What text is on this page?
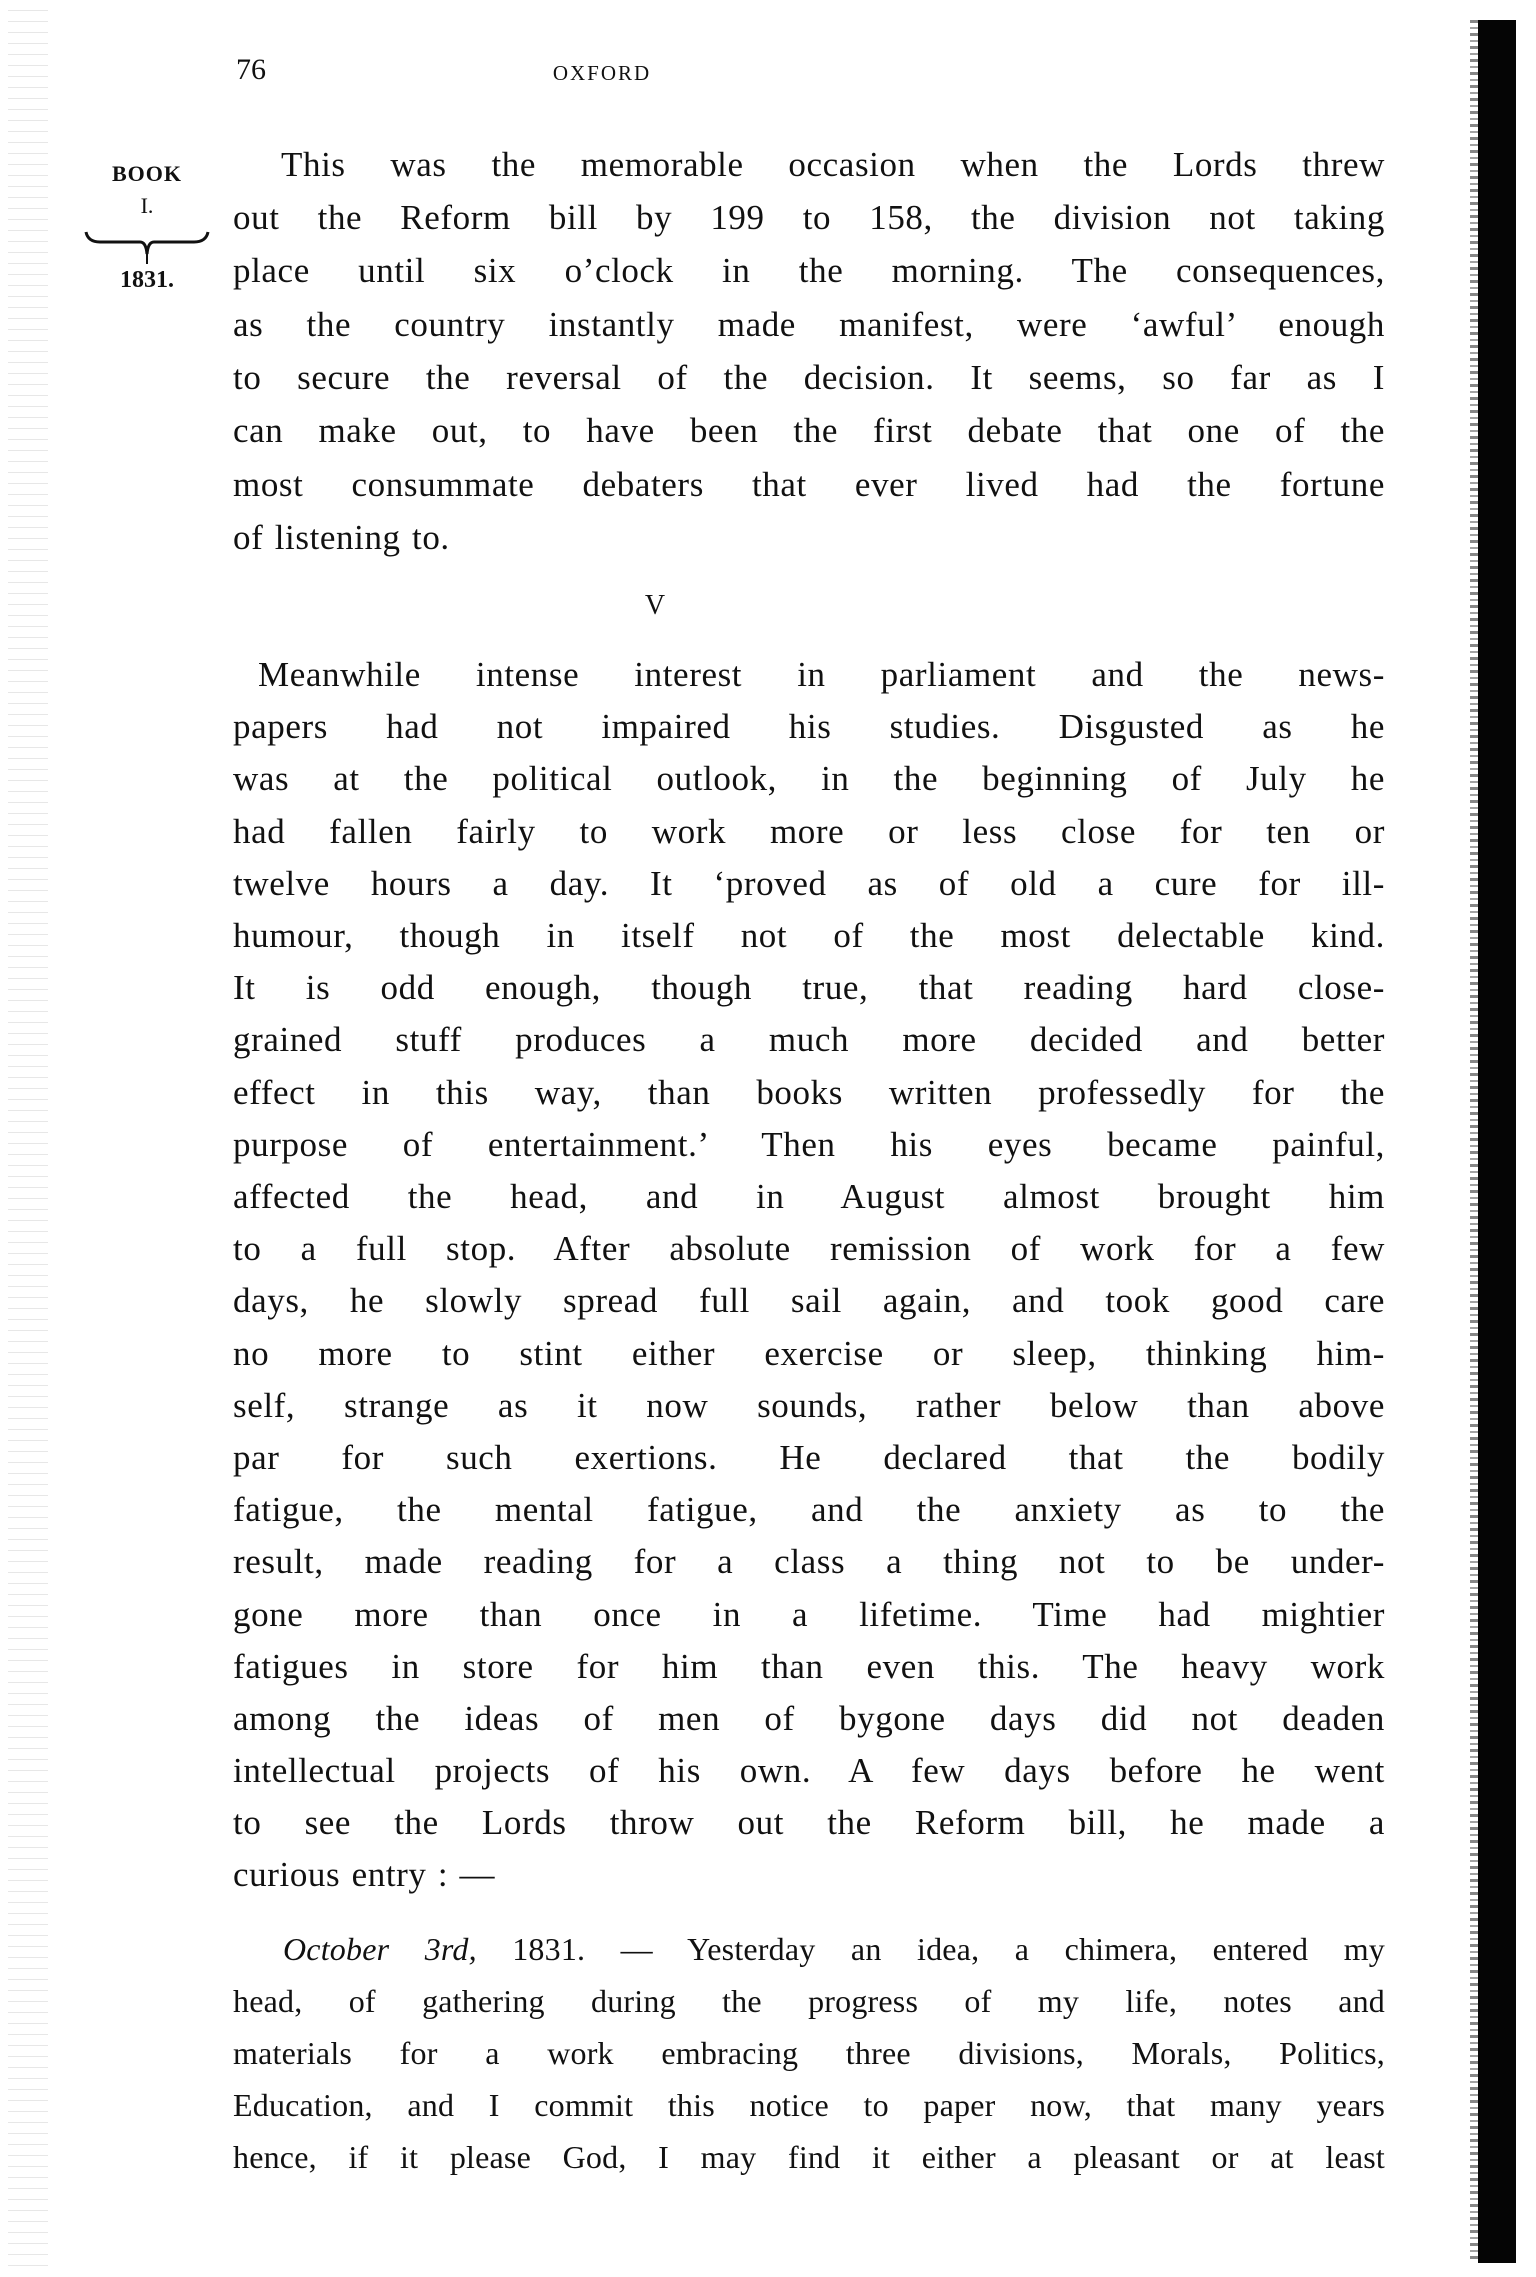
76	OXFORD
BOOK
I.
1831.
This was the memorable occasion when the Lords threw
out the Reform bill by 199 to 158, the division not taking
place until six o’clock in the morning. The consequences,
as the country instantly made manifest, were ‘awful’ enough
to secure the reversal of the decision. It seems, so far as I
can make out, to have been the first debate that one of the
most consummate debaters that ever lived had the fortune
of listening to.
V
Meanwhile intense interest in parliament and the news-
papers had not impaired his studies. Disgusted as he
was at the political outlook, in the beginning of July he
had fallen fairly to work more or less close for ten or
twelve hours a day. It ‘proved as of old a cure for ill-
humour, though in itself not of the most delectable kind.
It is odd enough, though true, that reading hard close-
grained stuff produces a much more decided and better
effect in this way, than books written professedly for the
purpose of entertainment.’ Then his eyes became painful,
affected the head, and in August almost brought him
to a full stop. After absolute remission of work for a few
days, he slowly spread full sail again, and took good care
no more to stint either exercise or sleep, thinking him-
self, strange as it now sounds, rather below than above
par for such exertions. He declared that the bodily
fatigue, the mental fatigue, and the anxiety as to the
result, made reading for a class a thing not to be under-
gone more than once in a lifetime. Time had mightier
fatigues in store for him than even this. The heavy work
among the ideas of men of bygone days did not deaden
intellectual projects of his own. A few days before he went
to see the Lords throw out the Reform bill, he made a
curious entry : —
October 3rd, 1831. — Yesterday an idea, a chimera, entered my
head, of gathering during the progress of my life, notes and
materials for a work embracing three divisions, Morals, Politics,
Education, and I commit this notice to paper now, that many years
hence, if it please God, I may find it either a pleasant or at least
